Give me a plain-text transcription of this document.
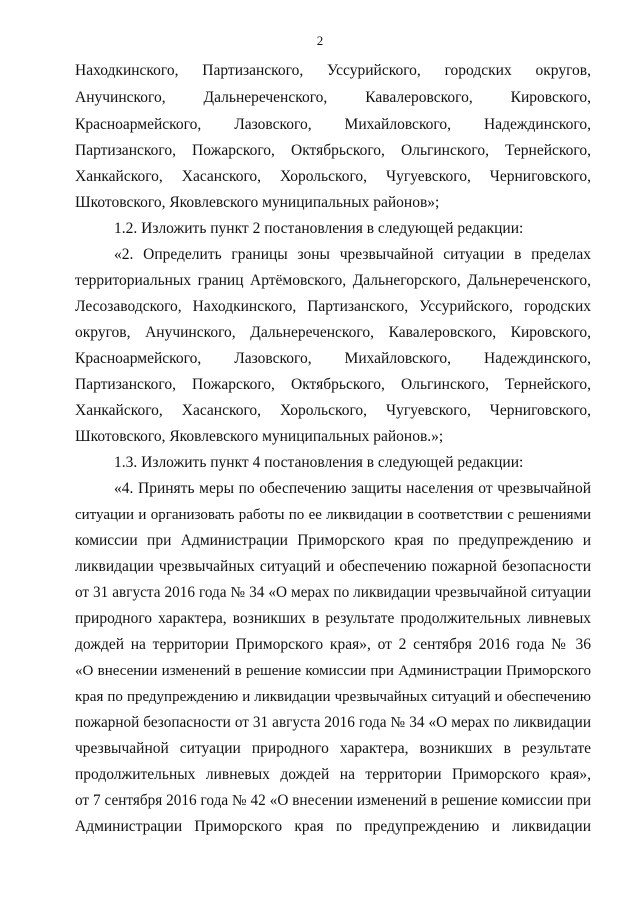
2
Находкинского, Партизанского, Уссурийского, городских округов,
Анучинского, Дальнереченского, Кавалеровского, Кировского,
Красноармейского, Лазовского, Михайловского, Надеждинского,
Партизанского, Пожарского, Октябрьского, Ольгинского, Тернейского,
Ханкайского, Хасанского, Хорольского, Чугуевского, Черниговского,
Шкотовского, Яковлевского муниципальных районов»;
1.2. Изложить пункт 2 постановления в следующей редакции:
«2. Определить границы зоны чрезвычайной ситуации в пределах
территориальных границ Артёмовского, Дальнегорского, Дальнереченского,
Лесозаводского, Находкинского, Партизанского, Уссурийского, городских
округов, Анучинского, Дальнереченского, Кавалеровского, Кировского,
Красноармейского, Лазовского, Михайловского, Надеждинского,
Партизанского, Пожарского, Октябрьского, Ольгинского, Тернейского,
Ханкайского, Хасанского, Хорольского, Чугуевского, Черниговского,
Шкотовского, Яковлевского муниципальных районов.»;
1.3. Изложить пункт 4 постановления в следующей редакции:
«4. Принять меры по обеспечению защиты населения от чрезвычайной
ситуации и организовать работы по ее ликвидации в соответствии с решениями
комиссии при Администрации Приморского края по предупреждению и
ликвидации чрезвычайных ситуаций и обеспечению пожарной безопасности
от 31 августа 2016 года № 34 «О мерах по ликвидации чрезвычайной ситуации
природного характера, возникших в результате продолжительных ливневых
дождей на территории Приморского края», от 2 сентября 2016 года № 36
«О внесении изменений в решение комиссии при Администрации Приморского
края по предупреждению и ликвидации чрезвычайных ситуаций и обеспечению
пожарной безопасности от 31 августа 2016 года № 34 «О мерах по ликвидации
чрезвычайной ситуации природного характера, возникших в результате
продолжительных ливневых дождей на территории Приморского края»,
от 7 сентября 2016 года № 42 «О внесении изменений в решение комиссии при
Администрации Приморского края по предупреждению и ликвидации
